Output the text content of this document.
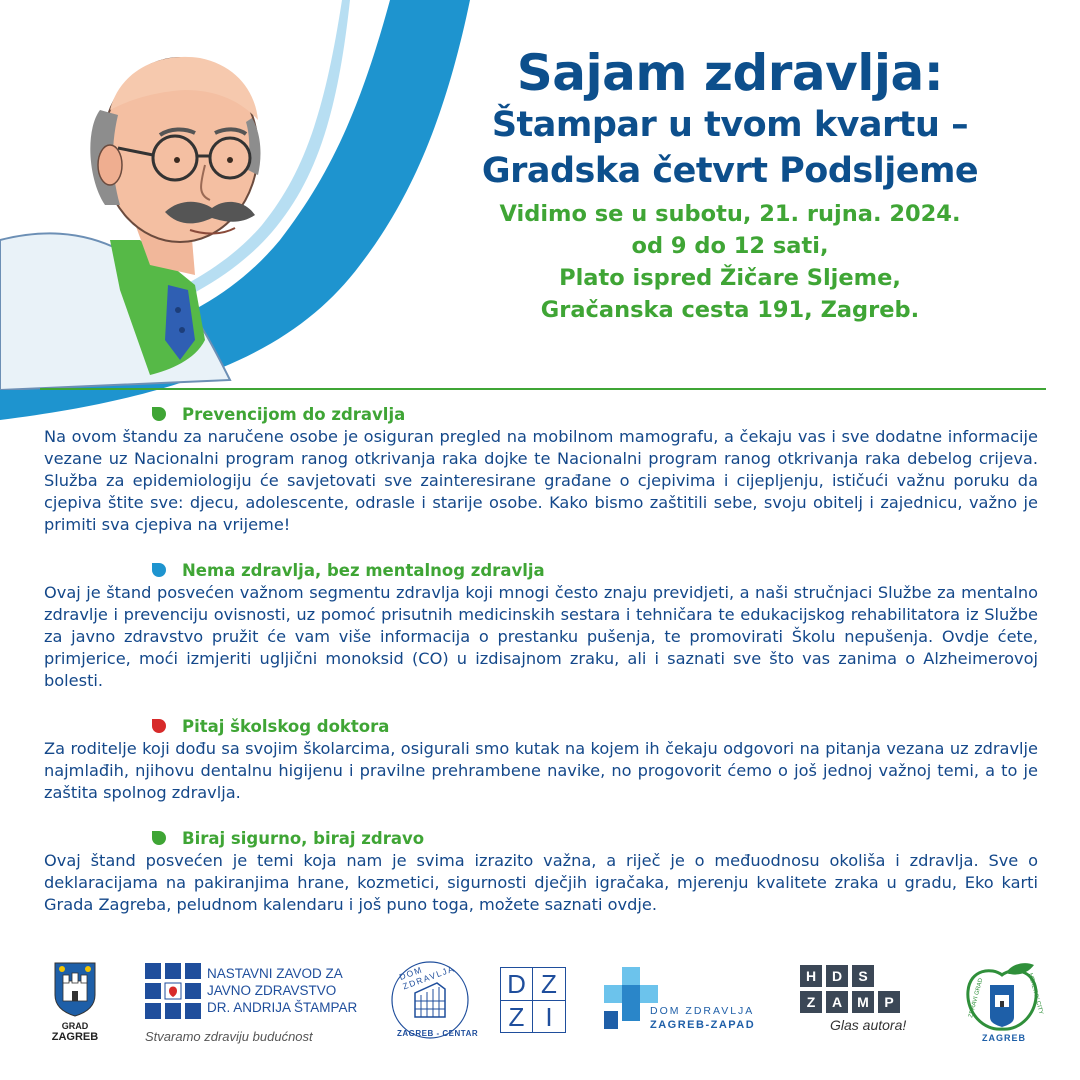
Sajam zdravlja:
Štampar u tvom kvartu –
Gradska četvrt Podsljeme
Vidimo se u subotu, 21. rujna. 2024.
od 9 do 12 sati,
Plato ispred Žičare Sljeme,
Gračanska cesta 191, Zagreb.
Prevencijom do zdravlja
Na ovom štandu za naručene osobe je osiguran pregled na mobilnom mamografu, a čekaju vas i sve dodatne informacije vezane uz Nacionalni program ranog otkrivanja raka dojke te Nacionalni program ranog otkrivanja raka debelog crijeva. Služba za epidemiologiju će savjetovati sve zainteresirane građane o cjepivima i cijepljenju, ističući važnu poruku da cjepiva štite sve: djecu, adolescente, odrasle i starije osobe. Kako bismo zaštitili sebe, svoju obitelj i zajednicu, važno je primiti sva cjepiva na vrijeme!
Nema zdravlja, bez mentalnog zdravlja
Ovaj je štand posvećen važnom segmentu zdravlja koji mnogi često znaju previdjeti, a naši stručnjaci Službe za mentalno zdravlje i prevenciju ovisnosti, uz pomoć prisutnih medicinskih sestara i tehničara te edukacijskog rehabilitatora iz Službe za javno zdravstvo pružit će vam više informacija o prestanku pušenja, te promovirati Školu nepušenja. Ovdje ćete, primjerice, moći izmjeriti ugljični monoksid (CO) u izdisajnom zraku, ali i saznati sve što vas zanima o Alzheimerovoj bolesti.
Pitaj školskog doktora
Za roditelje koji dođu sa svojim školarcima, osigurali smo kutak na kojem ih čekaju odgovori na pitanja vezana uz zdravlje najmlađih, njihovu dentalnu higijenu i pravilne prehrambene navike, no progovorit ćemo o još jednoj važnoj temi, a to je zaštita spolnog zdravlja.
Biraj sigurno, biraj zdravo
Ovaj štand posvećen je temi koja nam je svima izrazito važna, a riječ je o međuodnosu okoliša i zdravlja. Sve o deklaracijama na pakiranjima hrane, kozmetici, sigurnosti dječjih igračaka, mjerenju kvalitete zraka u gradu, Eko karti Grada Zagreba, peludnom kalendaru i još puno toga, možete saznati ovdje.
GRAD
ZAGREB
NASTAVNI ZAVOD ZA
JAVNO ZDRAVSTVO
DR. ANDRIJA ŠTAMPAR
Stvaramo zdraviju budućnost
DOM ZDRAVLJA
ZAGREB - CENTAR
D Z
Z I	DOM ZDRAVLJA
ZAGREB-ZAPAD
H	D	S
Z	A	M	P
Glas autora!
ZDRAVI GRAD	HEALTHY CITY
ZAGREB
